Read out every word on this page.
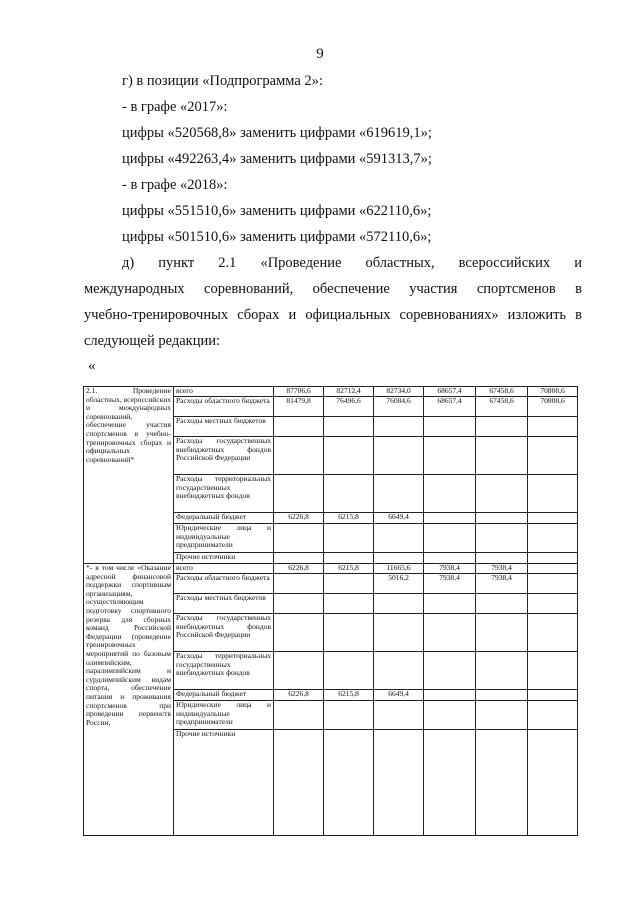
9
г) в позиции «Подпрограмма 2»:
- в графе «2017»:
цифры «520568,8» заменить цифрами «619619,1»;
цифры «492263,4» заменить цифрами «591313,7»;
- в графе «2018»:
цифры «551510,6» заменить цифрами «622110,6»;
цифры «501510,6» заменить цифрами «572110,6»;
д) пункт 2.1 «Проведение областных, всероссийских и
международных соревнований, обеспечение участия спортсменов в
учебно-тренировочных сборах и официальных соревнованиях» изложить в
следующей редакции:
«
2.1. Проведение областных, всероссийских и международных соревнований, обеспечение участия спортсменов в учебно-тренировочных сборах и официальных соревнований*	всего	87706,6	82712,4	82734,0	68657,4	67458,6	70808,6
	Расходы областного бюджета	81479,8	76496,6	76084,6	68657,4	67458,6	70808,6
	Расходы местных бюджетов						
	Расходы государственных внебюджетных фондов Российской Федерации						
	Расходы территориальных государственных внебюджетных фондов						
	Федеральный бюджет	6226,8	6215,8	6649,4			
	Юридические лица и индивидуальные предприниматели						
	Прочие источники						
*- в том числе «Оказание адресной финансовой поддержки спортивным организациям, осуществляющим подготовку спортивного резерва для сборных команд Российской Федерации (проведение тренировочных мероприятий по базовым олимпийским, паралимпийским и сурдлимпийским видам спорта, обеспечение питания и проживания спортсменов при проведении первенств России,	всего	6226,8	6215,8	11665,6	7938,4	7938,4	
	Расходы областного бюджета			5016,2	7938,4	7938,4	
	Расходы местных бюджетов						
	Расходы государственных внебюджетных фондов Российской Федерации						
	Расходы территориальных государственных внебюджетных фондов						
	Федеральный бюджет	6226,8	6215,8	6649,4			
	Юридические лица и индивидуальные предприниматели						
	Прочие источники						
